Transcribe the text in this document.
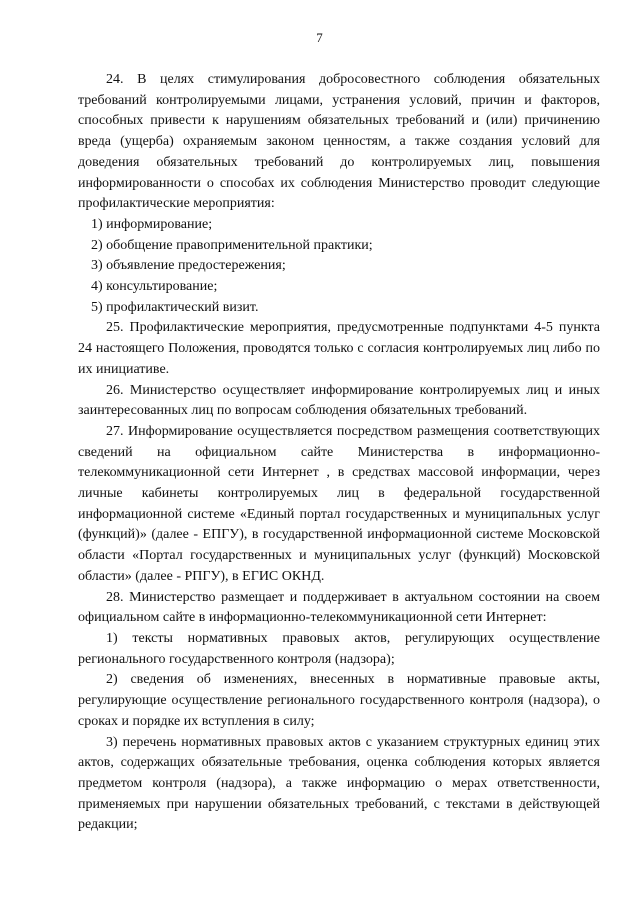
7

24. В целях стимулирования добросовестного соблюдения обязательных требований контролируемыми лицами, устранения условий, причин и факторов, способных привести к нарушениям обязательных требований и (или) причинению вреда (ущерба) охраняемым законом ценностям, а также создания условий для доведения обязательных требований до контролируемых лиц, повышения информированности о способах их соблюдения Министерство проводит следующие профилактические мероприятия:

1) информирование;

2) обобщение правоприменительной практики;

3) объявление предостережения;

4) консультирование;

5) профилактический визит.

25. Профилактические мероприятия, предусмотренные подпунктами 4-5 пункта 24 настоящего Положения, проводятся только с согласия контролируемых лиц либо по их инициативе.

26. Министерство осуществляет информирование контролируемых лиц и иных заинтересованных лиц по вопросам соблюдения обязательных требований.

27. Информирование осуществляется посредством размещения соответствующих сведений на официальном сайте Министерства в информационно-телекоммуникационной сети Интернет , в средствах массовой информации, через личные кабинеты контролируемых лиц в федеральной государственной информационной системе «Единый портал государственных и муниципальных услуг (функций)» (далее - ЕПГУ), в государственной информационной системе Московской области «Портал государственных и муниципальных услуг (функций) Московской области» (далее - РПГУ), в ЕГИС ОКНД.

28. Министерство размещает и поддерживает в актуальном состоянии на своем официальном сайте в информационно-телекоммуникационной сети Интернет:

1) тексты нормативных правовых актов, регулирующих осуществление регионального государственного контроля (надзора);

2) сведения об изменениях, внесенных в нормативные правовые акты, регулирующие осуществление регионального государственного контроля (надзора), о сроках и порядке их вступления в силу;

3) перечень нормативных правовых актов с указанием структурных единиц этих актов, содержащих обязательные требования, оценка соблюдения которых является предметом контроля (надзора), а также информацию о мерах ответственности, применяемых при нарушении обязательных требований, с текстами в действующей редакции;
